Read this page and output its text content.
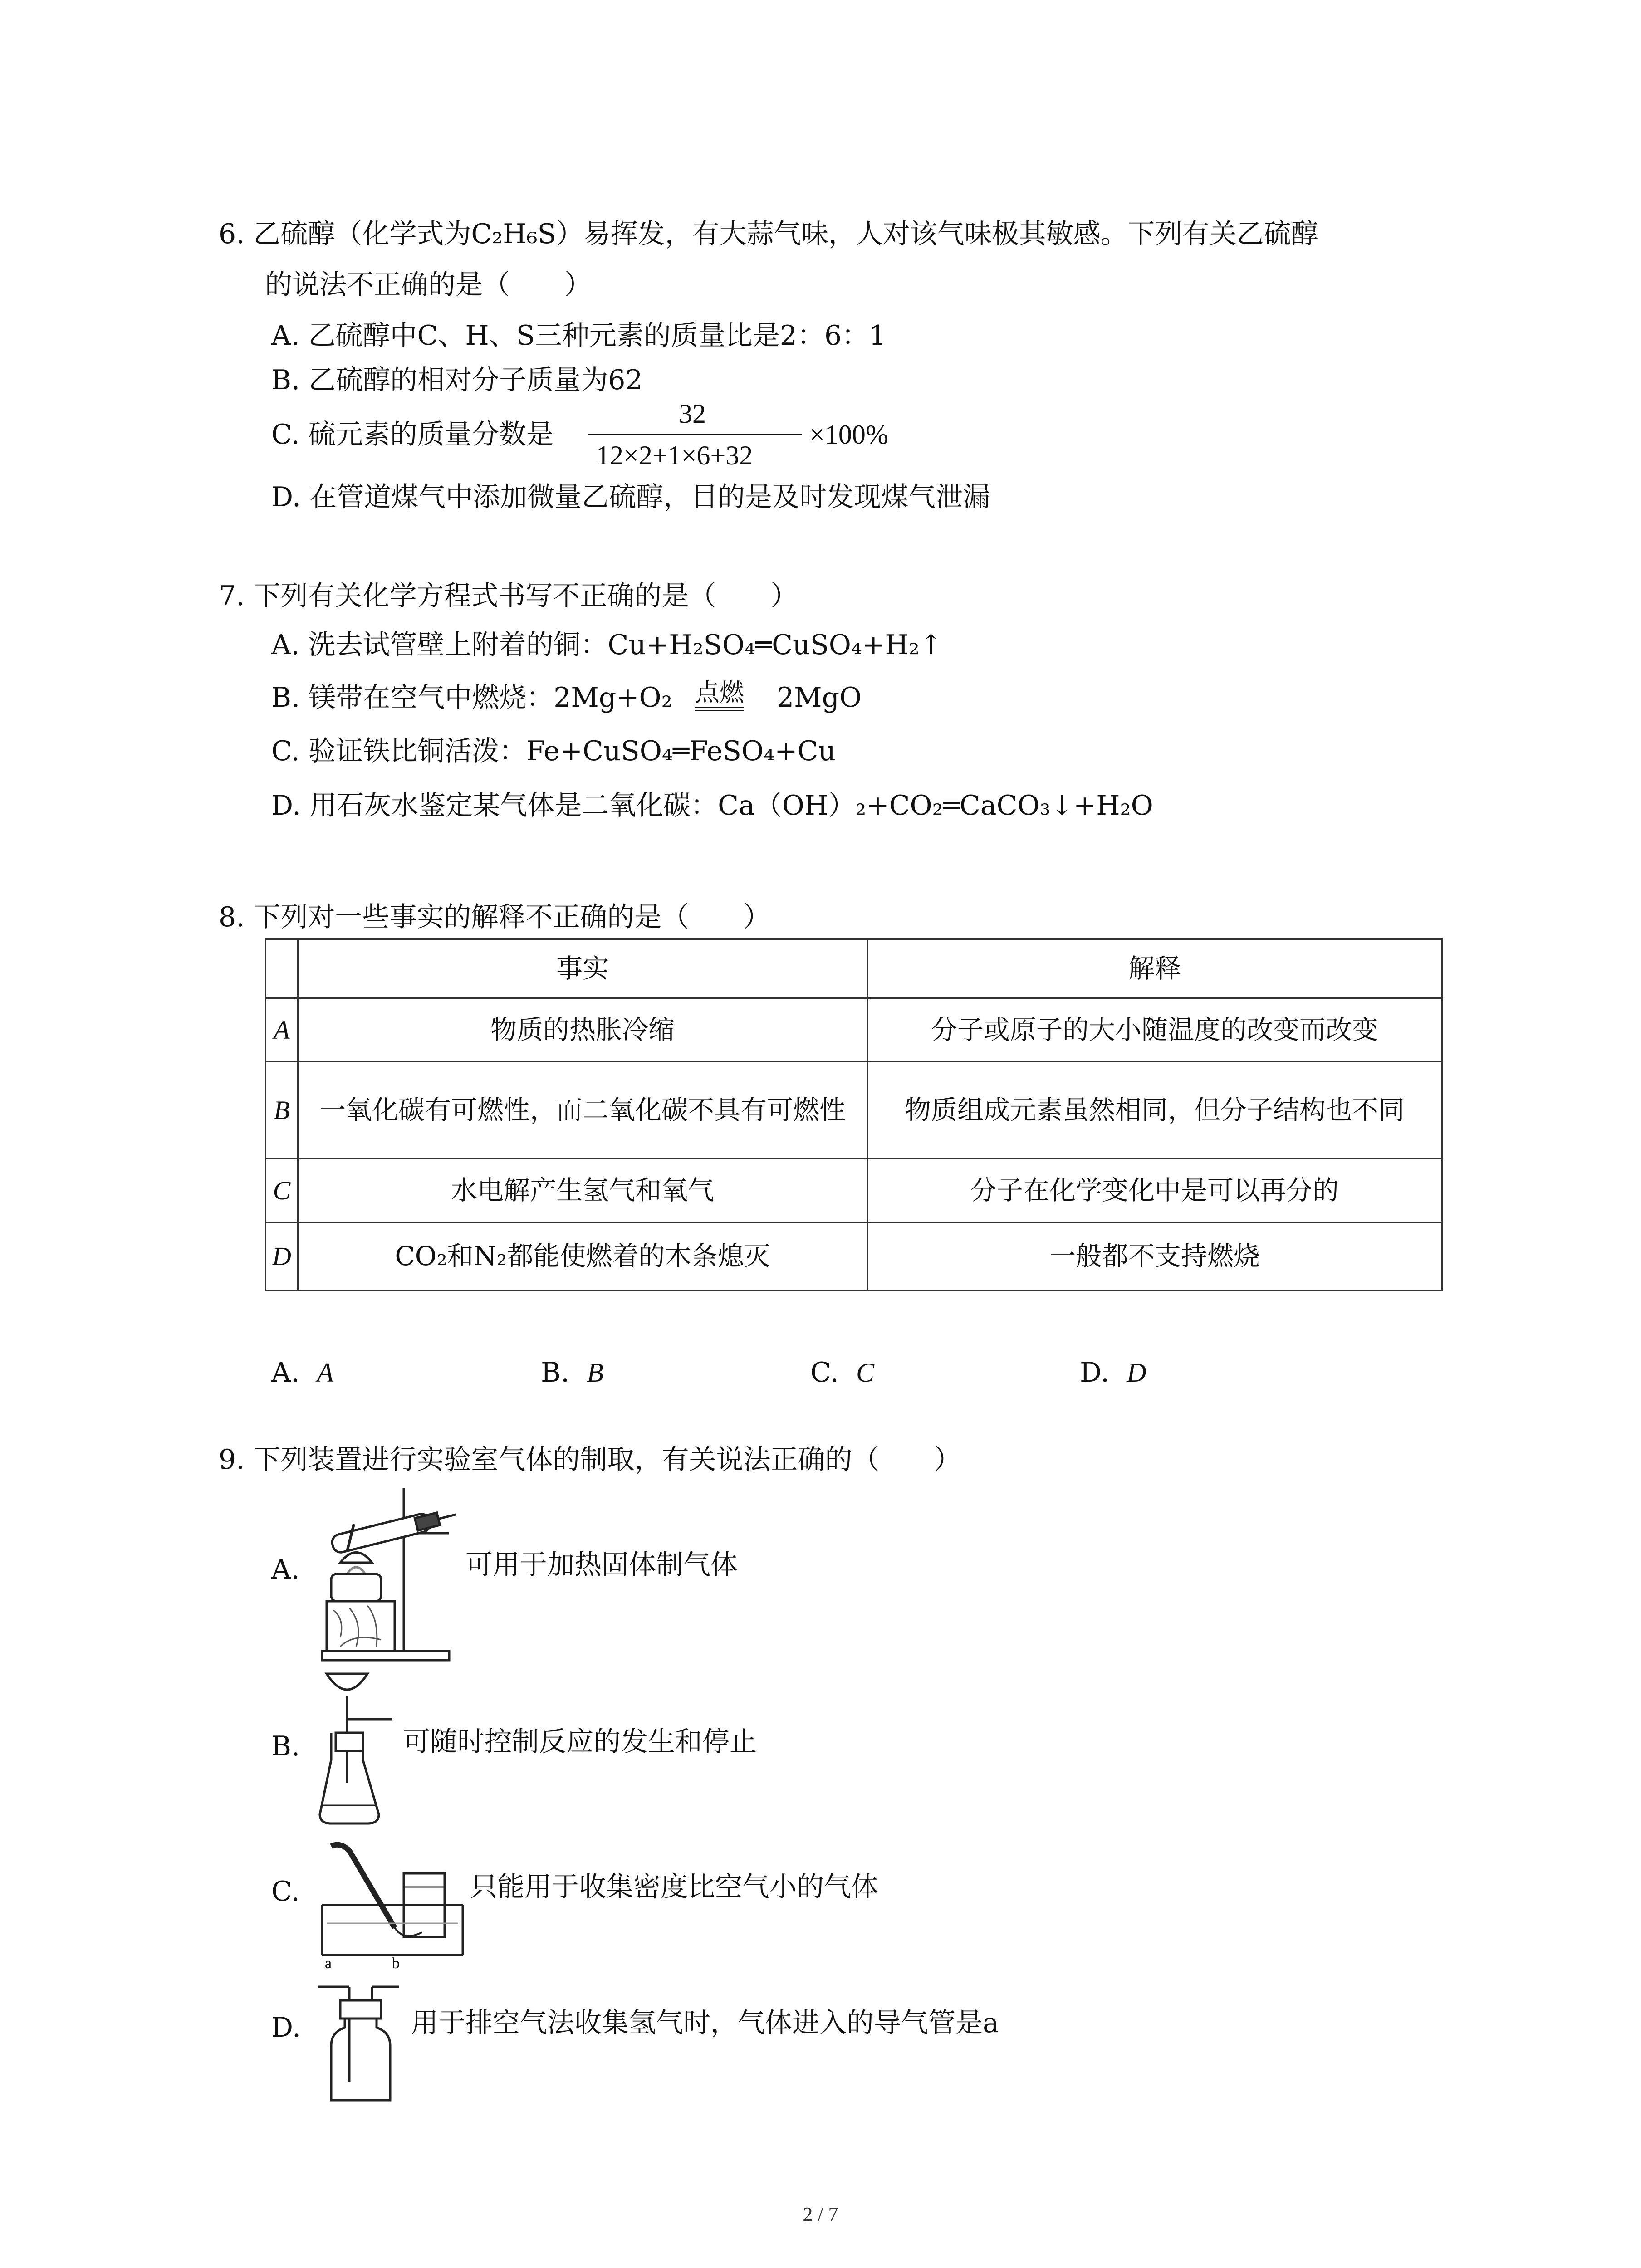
6. 乙硫醇（化学式为C₂H₆S）易挥发，有大蒜气味，人对该气味极其敏感。下列有关乙硫醇
的说法不正确的是（　　）
A. 乙硫醇中C、H、S三种元素的质量比是2：6：1
B. 乙硫醇的相对分子质量为62
C. 硫元素的质量分数是
32
12×2+1×6+32
×100%
D. 在管道煤气中添加微量乙硫醇，目的是及时发现煤气泄漏
7. 下列有关化学方程式书写不正确的是（　　）
A. 洗去试管壁上附着的铜：Cu+H₂SO₄═CuSO₄+H₂↑
B. 镁带在空气中燃烧：2Mg+O₂ 点燃 2MgO
C. 验证铁比铜活泼：Fe+CuSO₄═FeSO₄+Cu
D. 用石灰水鉴定某气体是二氧化碳：Ca（OH）₂+CO₂═CaCO₃↓+H₂O
8. 下列对一些事实的解释不正确的是（　　）
	事实	解释
A	物质的热胀冷缩	分子或原子的大小随温度的改变而改变
B	一氧化碳有可燃性，而二氧化碳不具有可燃性	物质组成元素虽然相同，但分子结构也不同
C	水电解产生氢气和氧气	分子在化学变化中是可以再分的
D	CO₂和N₂都能使燃着的木条熄灭	一般都不支持燃烧
A. A	B. B	C. C	D. D
9. 下列装置进行实验室气体的制取，有关说法正确的（　　）
A.	可用于加热固体制气体
B.	可随时控制反应的发生和停止
C.	只能用于收集密度比空气小的气体
D.
a	b
用于排空气法收集氢气时，气体进入的导气管是a
2 / 7
